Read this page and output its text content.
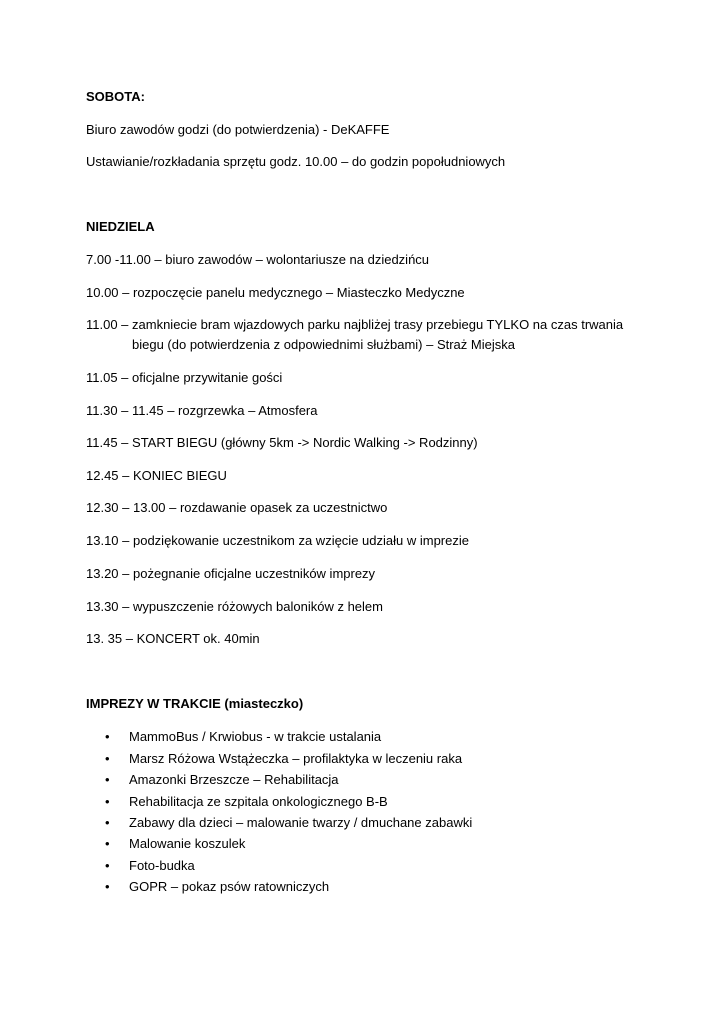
SOBOTA:
Biuro zawodów godzi (do potwierdzenia) - DeKAFFE
Ustawianie/rozkładania sprzętu godz. 10.00 – do godzin popołudniowych
NIEDZIELA
7.00 -11.00 – biuro zawodów – wolontariusze na dziedzińcu
10.00 – rozpoczęcie panelu medycznego – Miasteczko Medyczne
11.00 – zamkniecie bram wjazdowych parku najbliżej trasy przebiegu TYLKO na czas trwania
biegu (do potwierdzenia z odpowiednimi służbami) – Straż Miejska
11.05 – oficjalne przywitanie gości
11.30 – 11.45 – rozgrzewka – Atmosfera
11.45 – START BIEGU (główny 5km -> Nordic Walking -> Rodzinny)
12.45 – KONIEC BIEGU
12.30 – 13.00 – rozdawanie opasek za uczestnictwo
13.10 – podziękowanie uczestnikom za wzięcie udziału w imprezie
13.20 – pożegnanie oficjalne uczestników imprezy
13.30 – wypuszczenie różowych baloników z helem
13. 35 – KONCERT ok. 40min
IMPREZY W TRAKCIE (miasteczko)
• MammoBus / Krwiobus - w trakcie ustalania
• Marsz Różowa Wstążeczka – profilaktyka w leczeniu raka
• Amazonki Brzeszcze – Rehabilitacja
• Rehabilitacja ze szpitala onkologicznego B-B
• Zabawy dla dzieci – malowanie twarzy / dmuchane zabawki
• Malowanie koszulek
• Foto-budka
• GOPR – pokaz psów ratowniczych
